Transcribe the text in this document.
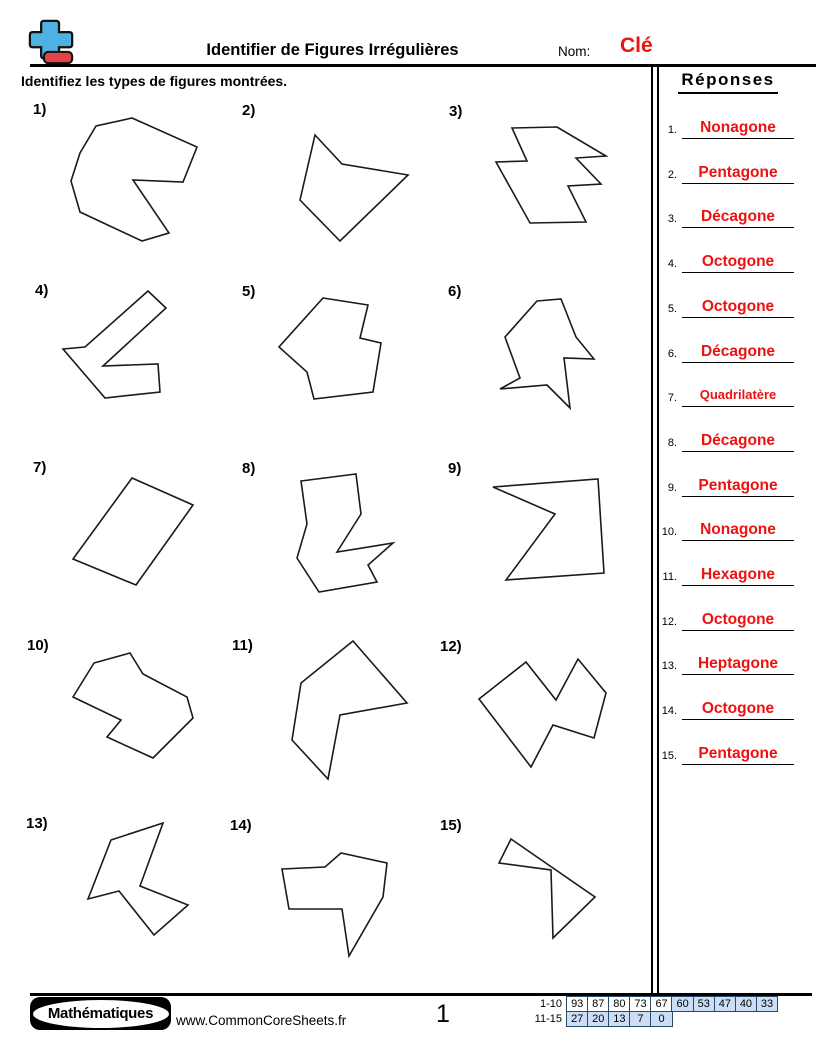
Identifier de Figures Irrégulières	Nom: Clé
Identifiez les types de figures montrées.	Réponses
1.	Nonagone
2.	Pentagone
3.	Décagone
4.	Octogone
5.	Octogone
6.	Décagone
7.	Quadrilatère
8.	Décagone
9.	Pentagone
10.	Nonagone
11.	Hexagone
12.	Octogone
13.	Heptagone
14.	Octogone
15.	Pentagone
1)	2)	3)
4)	5)	6)
7)	8)	9)
10)	11)	12)
13)	14)	15)
Mathématiques www.CommonCoreSheets.fr	1	1-10 93 87 80 73 67 60 53 47 40 33
11-15 27 20 13	7	0
